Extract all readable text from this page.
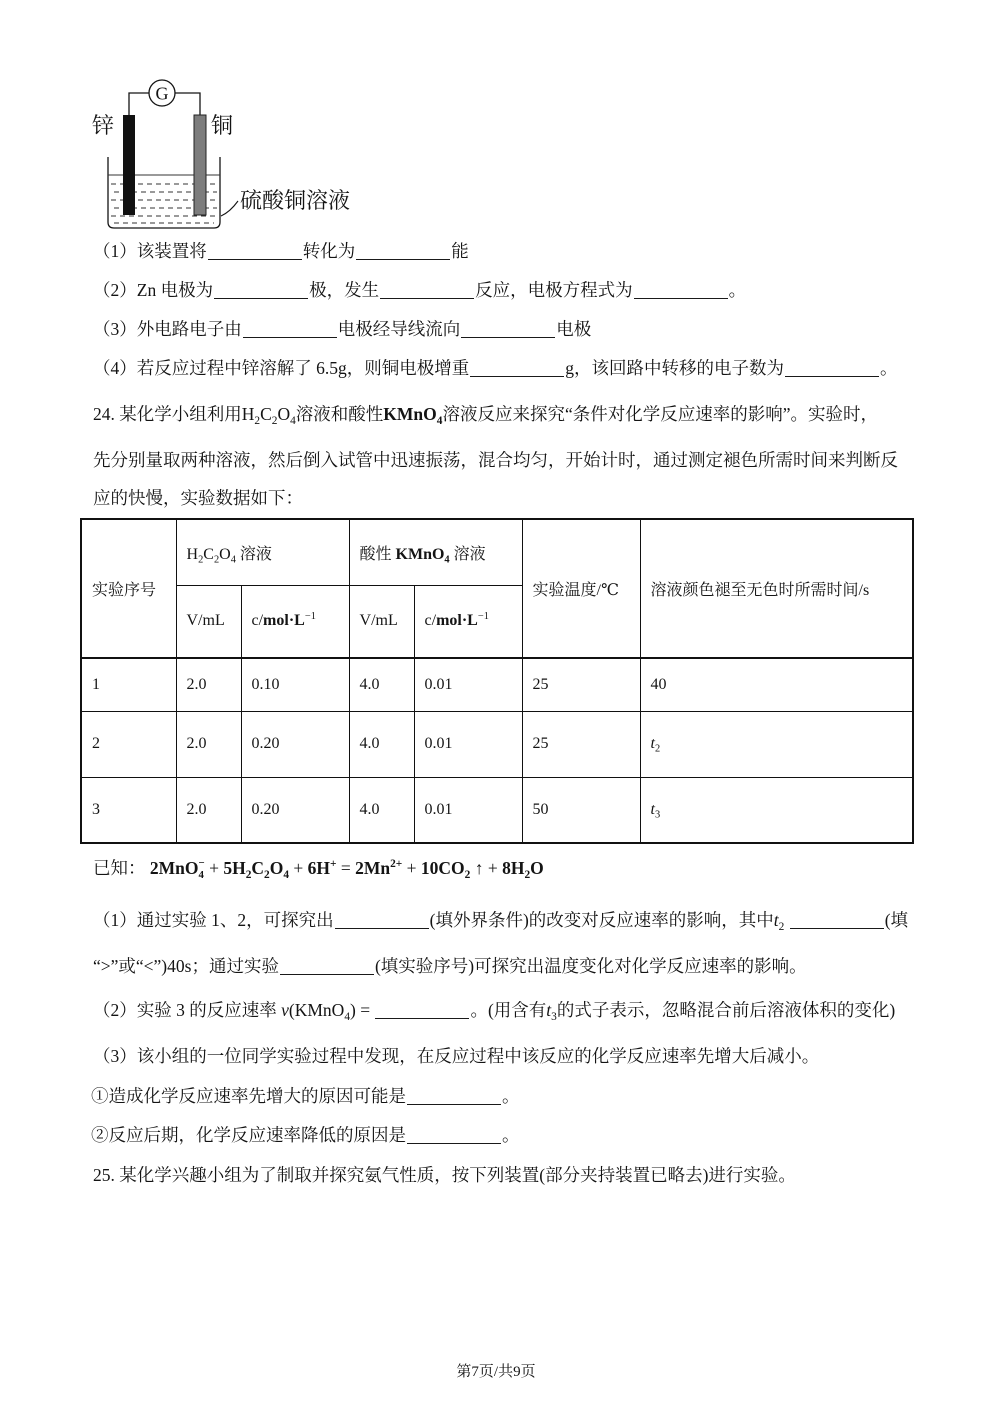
G
锌	铜
硫酸铜溶液
（1）该装置将	转化为	能
（2）Zn 电极为	极，发生	反应，电极方程式为	。
（3）外电路电子由	电极经导线流向	电极
（4）若反应过程中锌溶解了 6.5g，则铜电极增重	g，该回路中转移的电子数为	。
24. 某化学小组利用$H_2C_2O_4$溶液和酸性KMnO$_4$溶液反应来探究“条件对化学反应速率的影响”。实验时，
先分别量取两种溶液，然后倒入试管中迅速振荡，混合均匀，开始计时，通过测定褪色所需时间来判断反
应的快慢，实验数据如下：
实验序号	$H_2C_2O_4$ 溶液		酸性 KMnO$_4$ 溶液		实验温度/℃	溶液颜色褪至无色时所需时间/s
	V/mL	$c/mol\cdot L^{-1}$	V/mL	$c/mol\cdot L^{-1}$
1	2.0	0.10	4.0	0.01	25	40
2	2.0	0.20	4.0	0.01	25	$t_2$
3	2.0	0.20	4.0	0.01	50	$t_3$
已知： 2MnO −
$4 + 5H_2C_2O_4 + 6H^+ = 2Mn^{2+} + 10CO_2$ ↑ + $8H_2O$
（1）通过实验 1、2，可探究出	(填外界条件)的改变对反应速率的影响，其中$t_2$	(填
“>”或“<”)40s；通过实验	(填实验序号)可探究出温度变化对化学反应速率的影响。
（2）实验 3 的反应速率 v(KMnO$_4$) =	。(用含有$t_3$的式子表示，忽略混合前后溶液体积的变化)
（3）该小组的一位同学实验过程中发现，在反应过程中该反应的化学反应速率先增大后减小。
①造成化学反应速率先增大的原因可能是	。
②反应后期，化学反应速率降低的原因是	。
25. 某化学兴趣小组为了制取并探究氨气性质，按下列装置(部分夹持装置已略去)进行实验。
第7页/共9页
